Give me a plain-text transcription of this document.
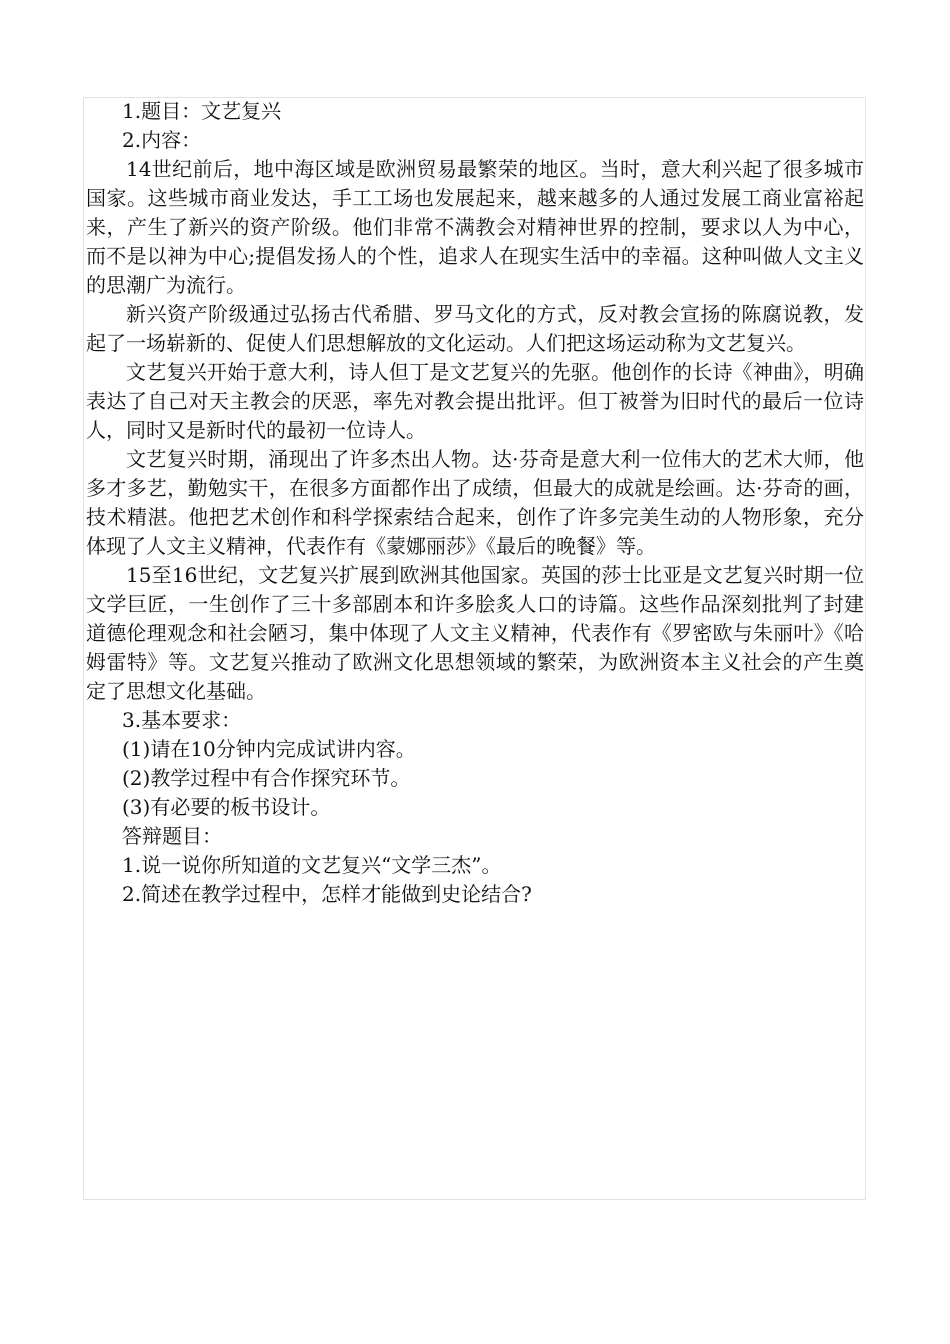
1.题目：文艺复兴

2.内容：

14世纪前后，地中海区域是欧洲贸易最繁荣的地区。当时，意大利兴起了很多城市国家。这些城市商业发达，手工工场也发展起来，越来越多的人通过发展工商业富裕起来，产生了新兴的资产阶级。他们非常不满教会对精神世界的控制，要求以人为中心，而不是以神为中心;提倡发扬人的个性，追求人在现实生活中的幸福。这种叫做人文主义的思潮广为流行。

新兴资产阶级通过弘扬古代希腊、罗马文化的方式，反对教会宣扬的陈腐说教，发起了一场崭新的、促使人们思想解放的文化运动。人们把这场运动称为文艺复兴。

文艺复兴开始于意大利，诗人但丁是文艺复兴的先驱。他创作的长诗《神曲》，明确表达了自己对天主教会的厌恶，率先对教会提出批评。但丁被誉为旧时代的最后一位诗人，同时又是新时代的最初一位诗人。

文艺复兴时期，涌现出了许多杰出人物。达·芬奇是意大利一位伟大的艺术大师，他多才多艺，勤勉实干，在很多方面都作出了成绩，但最大的成就是绘画。达·芬奇的画，技术精湛。他把艺术创作和科学探索结合起来，创作了许多完美生动的人物形象，充分体现了人文主义精神，代表作有《蒙娜丽莎》《最后的晚餐》等。

15至16世纪，文艺复兴扩展到欧洲其他国家。英国的莎士比亚是文艺复兴时期一位文学巨匠，一生创作了三十多部剧本和许多脍炙人口的诗篇。这些作品深刻批判了封建道德伦理观念和社会陋习，集中体现了人文主义精神，代表作有《罗密欧与朱丽叶》《哈姆雷特》等。文艺复兴推动了欧洲文化思想领域的繁荣，为欧洲资本主义社会的产生奠定了思想文化基础。

3.基本要求：

(1)请在10分钟内完成试讲内容。

(2)教学过程中有合作探究环节。

(3)有必要的板书设计。

答辩题目：

1.说一说你所知道的文艺复兴“文学三杰”。

2.简述在教学过程中，怎样才能做到史论结合?
